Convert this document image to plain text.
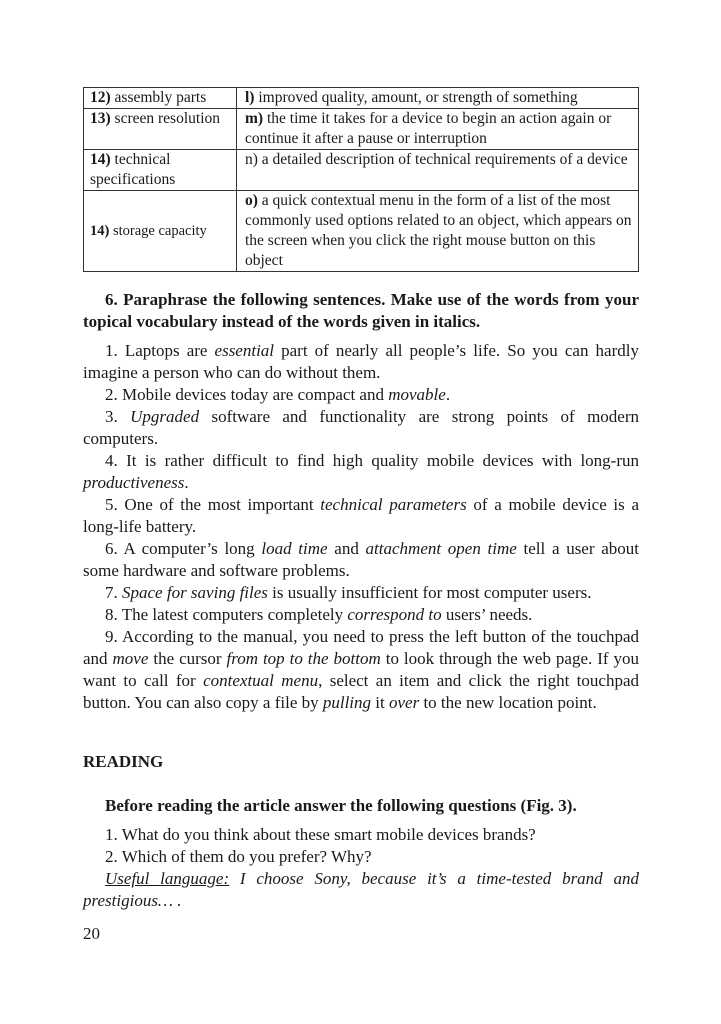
12) assembly parts	l) improved quality, amount, or strength of something
13) screen resolution	m) the time it takes for a device to begin an action again or continue it after a pause or interruption
14) technical specifications	n) a detailed description of technical requirements of a device
14) storage capacity	o) a quick contextual menu in the form of a list of the most commonly used options related to an object, which appears on the screen when you click the right mouse button on this object
6. Paraphrase the following sentences. Make use of the words from your topical vocabulary instead of the words given in italics.
1. Laptops are essential part of nearly all people’s life. So you can hardly imagine a person who can do without them.
2. Mobile devices today are compact and movable.
3. Upgraded software and functionality are strong points of modern computers.
4. It is rather difficult to find high quality mobile devices with long-run productiveness.
5. One of the most important technical parameters of a mobile device is a long-life battery.
6. A computer’s long load time and attachment open time tell a user about some hardware and software problems.
7. Space for saving files is usually insufficient for most computer users.
8. The latest computers completely correspond to users’ needs.
9. According to the manual, you need to press the left button of the touchpad and move the cursor from top to the bottom to look through the web page. If you want to call for contextual menu, select an item and click the right touchpad button. You can also copy a file by pulling it over to the new location point.
READING
Before reading the article answer the following questions (Fig. 3).
1. What do you think about these smart mobile devices brands?
2. Which of them do you prefer? Why?
Useful language: I choose Sony, because it’s a time-tested brand and prestigious… .
20
